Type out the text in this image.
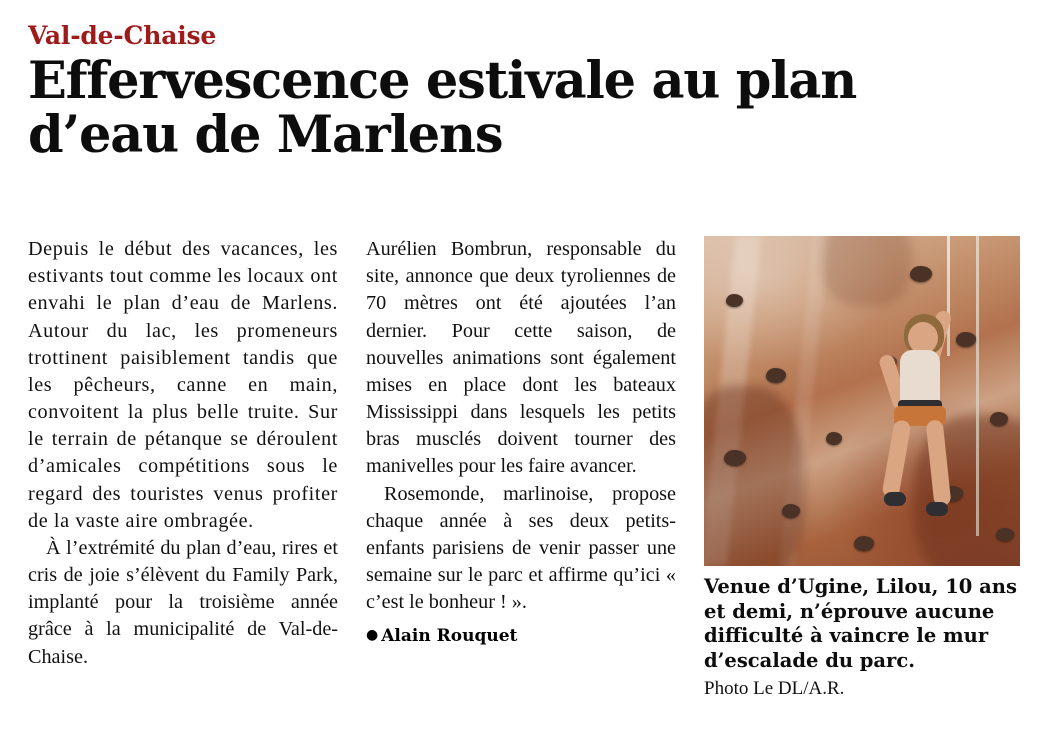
Val-de-Chaise
Effervescence estivale au plan
d’eau de Marlens

Depuis le début des vacances, les estivants tout comme les locaux ont envahi le plan d’eau de Marlens. Autour du lac, les promeneurs trottinent paisiblement tandis que les pêcheurs, canne en main, convoitent la plus belle truite. Sur le terrain de pétanque se déroulent d’amicales compétitions sous le regard des touristes venus profiter de la vaste aire ombragée.

À l’extrémité du plan d’eau, rires et cris de joie s’élèvent du Family Park, implanté pour la troisième année grâce à la municipalité de Val-de-Chaise.

Aurélien Bombrun, responsable du site, annonce que deux tyroliennes de 70 mètres ont été ajoutées l’an dernier. Pour cette saison, de nouvelles animations sont également mises en place dont les bateaux Mississippi dans lesquels les petits bras musclés doivent tourner des manivelles pour les faire avancer.

Rosemonde, marlinoise, propose chaque année à ses deux petits-enfants parisiens de venir passer une semaine sur le parc et affirme qu’ici « c’est le bonheur ! ».

● Alain Rouquet
Venue d’Ugine, Lilou, 10 ans et demi, n’éprouve aucune difficulté à vaincre le mur d’escalade du parc.
Photo Le DL/A.R.
